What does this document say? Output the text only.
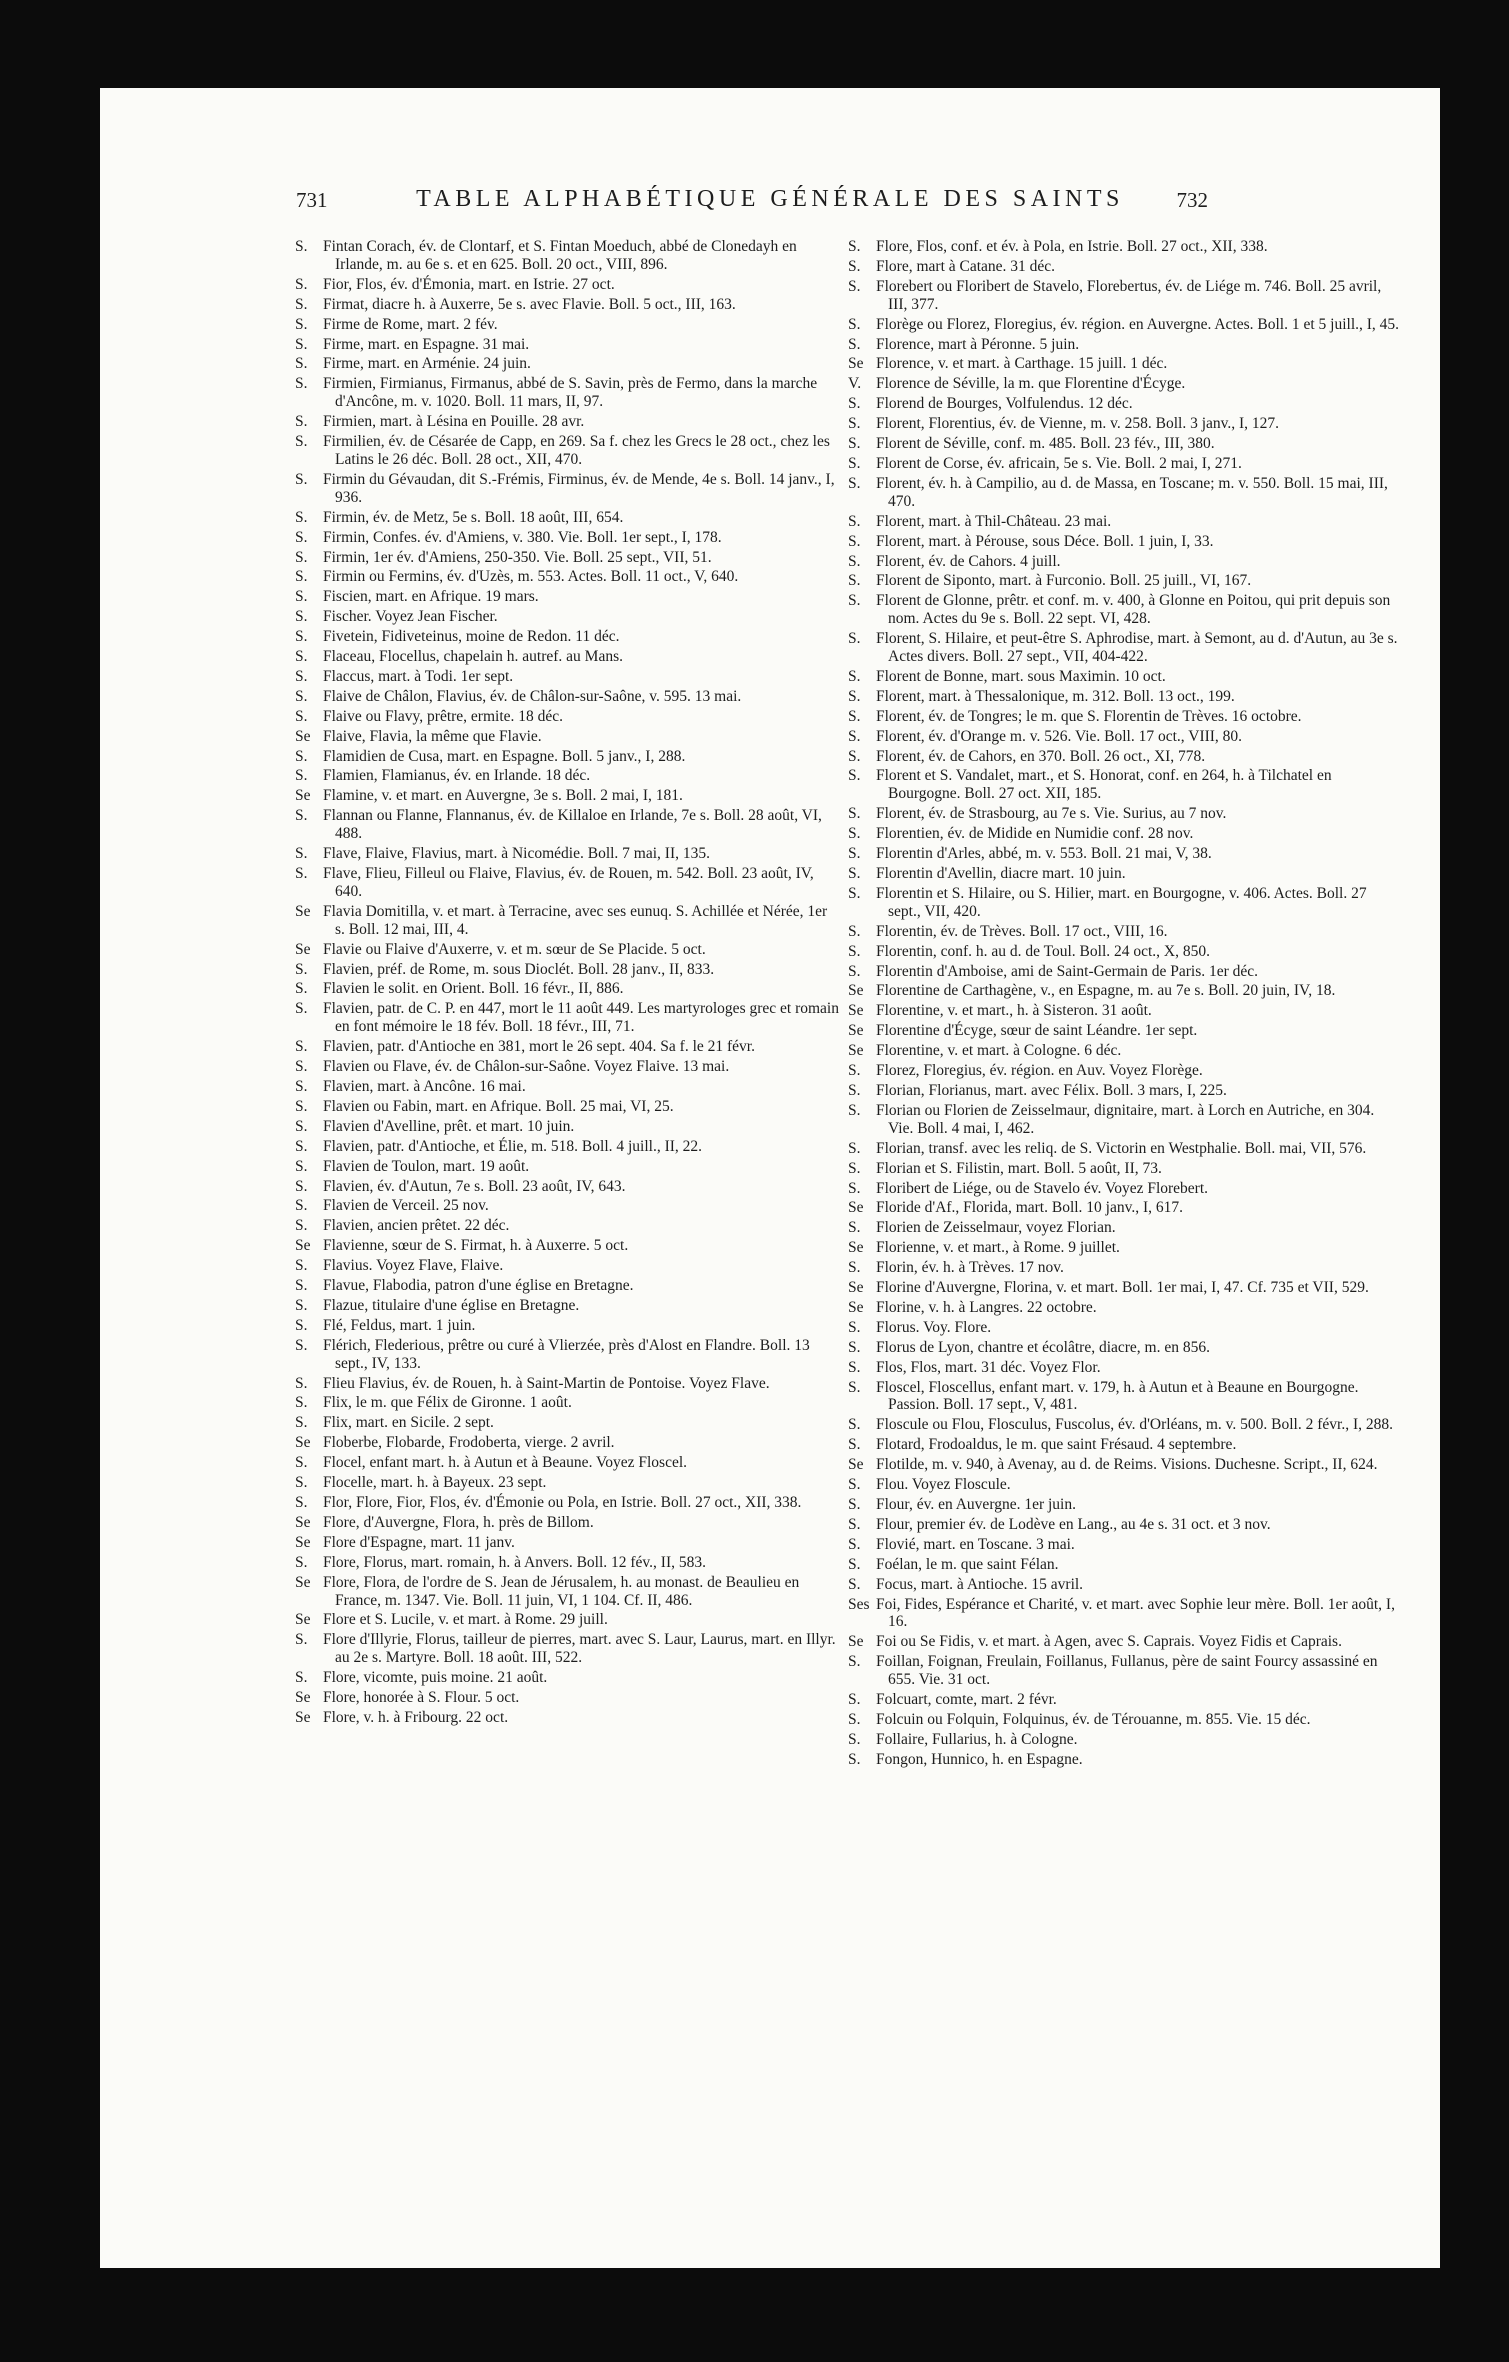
731	TABLE ALPHABÉTIQUE GÉNÉRALE DES SAINTS	732
S.	Fintan Corach, év. de Clontarf, et S. Fintan Moeduch, abbé de Clonedayh en Irlande, m. au 6e s. et en 625. Boll. 20 oct., VIII, 896.
S.	Fior, Flos, év. d'Émonia, mart. en Istrie. 27 oct.
S.	Firmat, diacre h. à Auxerre, 5e s. avec Flavie. Boll. 5 oct., III, 163.
S.	Firme de Rome, mart. 2 fév.
S.	Firme, mart. en Espagne. 31 mai.
S.	Firme, mart. en Arménie. 24 juin.
S.	Firmien, Firmianus, Firmanus, abbé de S. Savin, près de Fermo, dans la marche d'Ancône, m. v. 1020. Boll. 11 mars, II, 97.
S.	Firmien, mart. à Lésina en Pouille. 28 avr.
S.	Firmilien, év. de Césarée de Capp, en 269. Sa f. chez les Grecs le 28 oct., chez les Latins le 26 déc. Boll. 28 oct., XII, 470.
S.	Firmin du Gévaudan, dit S.-Frémis, Firminus, év. de Mende, 4e s. Boll. 14 janv., I, 936.
S.	Firmin, év. de Metz, 5e s. Boll. 18 août, III, 654.
S.	Firmin, Confes. év. d'Amiens, v. 380. Vie. Boll. 1er sept., I, 178.
S.	Firmin, 1er év. d'Amiens, 250-350. Vie. Boll. 25 sept., VII, 51.
S.	Firmin ou Fermins, év. d'Uzès, m. 553. Actes. Boll. 11 oct., V, 640.
S.	Fiscien, mart. en Afrique. 19 mars.
S.	Fischer. Voyez Jean Fischer.
S.	Fivetein, Fidiveteinus, moine de Redon. 11 déc.
S.	Flaceau, Flocellus, chapelain h. autref. au Mans.
S.	Flaccus, mart. à Todi. 1er sept.
S.	Flaive de Châlon, Flavius, év. de Châlon-sur-Saône, v. 595. 13 mai.
S.	Flaive ou Flavy, prêtre, ermite. 18 déc.
Se Flaive, Flavia, la même que Flavie.
S.	Flamidien de Cusa, mart. en Espagne. Boll. 5 janv., I, 288.
S.	Flamien, Flamianus, év. en Irlande. 18 déc.
Se Flamine, v. et mart. en Auvergne, 3e s. Boll. 2 mai, I, 181.
S.	Flannan ou Flanne, Flannanus, év. de Killaloe en Irlande, 7e s. Boll. 28 août, VI, 488.
S.	Flave, Flaive, Flavius, mart. à Nicomédie. Boll. 7 mai, II, 135.
S.	Flave, Flieu, Filleul ou Flaive, Flavius, év. de Rouen, m. 542. Boll. 23 août, IV, 640.
Se Flavia Domitilla, v. et mart. à Terracine, avec ses eunuq. S. Achillée et Nérée, 1er s. Boll. 12 mai, III, 4.
Se Flavie ou Flaive d'Auxerre, v. et m. sœur de Se Placide. 5 oct.
S.	Flavien, préf. de Rome, m. sous Dioclét. Boll. 28 janv., II, 833.
S.	Flavien le solit. en Orient. Boll. 16 févr., II, 886.
S.	Flavien, patr. de C. P. en 447, mort le 11 août 449. Les martyrologes grec et romain en font mémoire le 18 fév. Boll. 18 févr., III, 71.
S.	Flavien, patr. d'Antioche en 381, mort le 26 sept. 404. Sa f. le 21 févr.
S.	Flavien ou Flave, év. de Châlon-sur-Saône. Voyez Flaive. 13 mai.
S.	Flavien, mart. à Ancône. 16 mai.
S.	Flavien ou Fabin, mart. en Afrique. Boll. 25 mai, VI, 25.
S.	Flavien d'Avelline, prêt. et mart. 10 juin.
S.	Flavien, patr. d'Antioche, et Élie, m. 518. Boll. 4 juill., II, 22.
S.	Flavien de Toulon, mart. 19 août.
S.	Flavien, év. d'Autun, 7e s. Boll. 23 août, IV, 643.
S.	Flavien de Verceil. 25 nov.
S.	Flavien, ancien prêtet. 22 déc.
Se Flavienne, sœur de S. Firmat, h. à Auxerre. 5 oct.
S.	Flavius. Voyez Flave, Flaive.
S.	Flavue, Flabodia, patron d'une église en Bretagne.
S.	Flazue, titulaire d'une église en Bretagne.
S.	Flé, Feldus, mart. 1 juin.
S.	Flérich, Flederious, prêtre ou curé à Vlierzée, près d'Alost en Flandre. Boll. 13 sept., IV, 133.
S.	Flieu Flavius, év. de Rouen, h. à Saint-Martin de Pontoise. Voyez Flave.
S.	Flix, le m. que Félix de Gironne. 1 août.
S.	Flix, mart. en Sicile. 2 sept.
Se Floberbe, Flobarde, Frodoberta, vierge. 2 avril.
S.	Flocel, enfant mart. h. à Autun et à Beaune. Voyez Floscel.
S.	Flocelle, mart. h. à Bayeux. 23 sept.
S.	Flor, Flore, Fior, Flos, év. d'Émonie ou Pola, en Istrie. Boll. 27 oct., XII, 338.
Se Flore, d'Auvergne, Flora, h. près de Billom.
Se Flore d'Espagne, mart. 11 janv.
S.	Flore, Florus, mart. romain, h. à Anvers. Boll. 12 fév., II, 583.
Se Flore, Flora, de l'ordre de S. Jean de Jérusalem, h. au monast. de Beaulieu en France, m. 1347. Vie. Boll. 11 juin, VI, 1 104. Cf. II, 486.
Se Flore et S. Lucile, v. et mart. à Rome. 29 juill.
S.	Flore d'Illyrie, Florus, tailleur de pierres, mart. avec S. Laur, Laurus, mart. en Illyr. au 2e s. Martyre. Boll. 18 août. III, 522.
S.	Flore, vicomte, puis moine. 21 août.
Se Flore, honorée à S. Flour. 5 oct.
Se Flore, v. h. à Fribourg. 22 oct.
S.	Flore, Flos, conf. et év. à Pola, en Istrie. Boll. 27 oct., XII, 338.
S.	Flore, mart à Catane. 31 déc.
S.	Florebert ou Floribert de Stavelo, Florebertus, év. de Liége m. 746. Boll. 25 avril, III, 377.
S.	Florège ou Florez, Floregius, év. région. en Auvergne. Actes. Boll. 1 et 5 juill., I, 45.
S.	Florence, mart à Péronne. 5 juin.
Se Florence, v. et mart. à Carthage. 15 juill. 1 déc.
V. Florence de Séville, la m. que Florentine d'Écyge.
S.	Florend de Bourges, Volfulendus. 12 déc.
S.	Florent, Florentius, év. de Vienne, m. v. 258. Boll. 3 janv., I, 127.
S.	Florent de Séville, conf. m. 485. Boll. 23 fév., III, 380.
S.	Florent de Corse, év. africain, 5e s. Vie. Boll. 2 mai, I, 271.
S.	Florent, év. h. à Campilio, au d. de Massa, en Toscane; m. v. 550. Boll. 15 mai, III, 470.
S.	Florent, mart. à Thil-Château. 23 mai.
S.	Florent, mart. à Pérouse, sous Déce. Boll. 1 juin, I, 33.
S.	Florent, év. de Cahors. 4 juill.
S.	Florent de Siponto, mart. à Furconio. Boll. 25 juill., VI, 167.
S.	Florent de Glonne, prêtr. et conf. m. v. 400, à Glonne en Poitou, qui prit depuis son nom. Actes du 9e s. Boll. 22 sept. VI, 428.
S.	Florent, S. Hilaire, et peut-être S. Aphrodise, mart. à Semont, au d. d'Autun, au 3e s. Actes divers. Boll. 27 sept., VII, 404-422.
S.	Florent de Bonne, mart. sous Maximin. 10 oct.
S.	Florent, mart. à Thessalonique, m. 312. Boll. 13 oct., 199.
S.	Florent, év. de Tongres; le m. que S. Florentin de Trèves. 16 octobre.
S.	Florent, év. d'Orange m. v. 526. Vie. Boll. 17 oct., VIII, 80.
S.	Florent, év. de Cahors, en 370. Boll. 26 oct., XI, 778.
S.	Florent et S. Vandalet, mart., et S. Honorat, conf. en 264, h. à Tilchatel en Bourgogne. Boll. 27 oct. XII, 185.
S.	Florent, év. de Strasbourg, au 7e s. Vie. Surius, au 7 nov.
S.	Florentien, év. de Midide en Numidie conf. 28 nov.
S.	Florentin d'Arles, abbé, m. v. 553. Boll. 21 mai, V, 38.
S.	Florentin d'Avellin, diacre mart. 10 juin.
S.	Florentin et S. Hilaire, ou S. Hilier, mart. en Bourgogne, v. 406. Actes. Boll. 27 sept., VII, 420.
S.	Florentin, év. de Trèves. Boll. 17 oct., VIII, 16.
S.	Florentin, conf. h. au d. de Toul. Boll. 24 oct., X, 850.
S.	Florentin d'Amboise, ami de Saint-Germain de Paris. 1er déc.
Se Florentine de Carthagène, v., en Espagne, m. au 7e s. Boll. 20 juin, IV, 18.
Se Florentine, v. et mart., h. à Sisteron. 31 août.
Se Florentine d'Écyge, sœur de saint Léandre. 1er sept.
Se Florentine, v. et mart. à Cologne. 6 déc.
S.	Florez, Floregius, év. région. en Auv. Voyez Florège.
S.	Florian, Florianus, mart. avec Félix. Boll. 3 mars, I, 225.
S.	Florian ou Florien de Zeisselmaur, dignitaire, mart. à Lorch en Autriche, en 304. Vie. Boll. 4 mai, I, 462.
S.	Florian, transf. avec les reliq. de S. Victorin en Westphalie. Boll. mai, VII, 576.
S.	Florian et S. Filistin, mart. Boll. 5 août, II, 73.
S.	Floribert de Liége, ou de Stavelo év. Voyez Florebert.
Se Floride d'Af., Florida, mart. Boll. 10 janv., I, 617.
S.	Florien de Zeisselmaur, voyez Florian.
Se Florienne, v. et mart., à Rome. 9 juillet.
S.	Florin, év. h. à Trèves. 17 nov.
Se Florine d'Auvergne, Florina, v. et mart. Boll. 1er mai, I, 47. Cf. 735 et VII, 529.
Se Florine, v. h. à Langres. 22 octobre.
S.	Florus. Voy. Flore.
S.	Florus de Lyon, chantre et écolâtre, diacre, m. en 856.
S.	Flos, Flos, mart. 31 déc. Voyez Flor.
S.	Floscel, Floscellus, enfant mart. v. 179, h. à Autun et à Beaune en Bourgogne. Passion. Boll. 17 sept., V, 481.
S.	Floscule ou Flou, Flosculus, Fuscolus, év. d'Orléans, m. v. 500. Boll. 2 févr., I, 288.
S.	Flotard, Frodoaldus, le m. que saint Frésaud. 4 septembre.
Se Flotilde, m. v. 940, à Avenay, au d. de Reims. Visions. Duchesne. Script., II, 624.
S.	Flou. Voyez Floscule.
S.	Flour, év. en Auvergne. 1er juin.
S.	Flour, premier év. de Lodève en Lang., au 4e s. 31 oct. et 3 nov.
S.	Flovié, mart. en Toscane. 3 mai.
S.	Foélan, le m. que saint Félan.
S.	Focus, mart. à Antioche. 15 avril.
Ses Foi, Fides, Espérance et Charité, v. et mart. avec Sophie leur mère. Boll. 1er août, I, 16.
Se Foi ou Se Fidis, v. et mart. à Agen, avec S. Caprais. Voyez Fidis et Caprais.
S.	Foillan, Foignan, Freulain, Foillanus, Fullanus, père de saint Fourcy assassiné en 655. Vie. 31 oct.
S.	Folcuart, comte, mart. 2 févr.
S.	Folcuin ou Folquin, Folquinus, év. de Térouanne, m. 855. Vie. 15 déc.
S.	Follaire, Fullarius, h. à Cologne.
S.	Fongon, Hunnico, h. en Espagne.
